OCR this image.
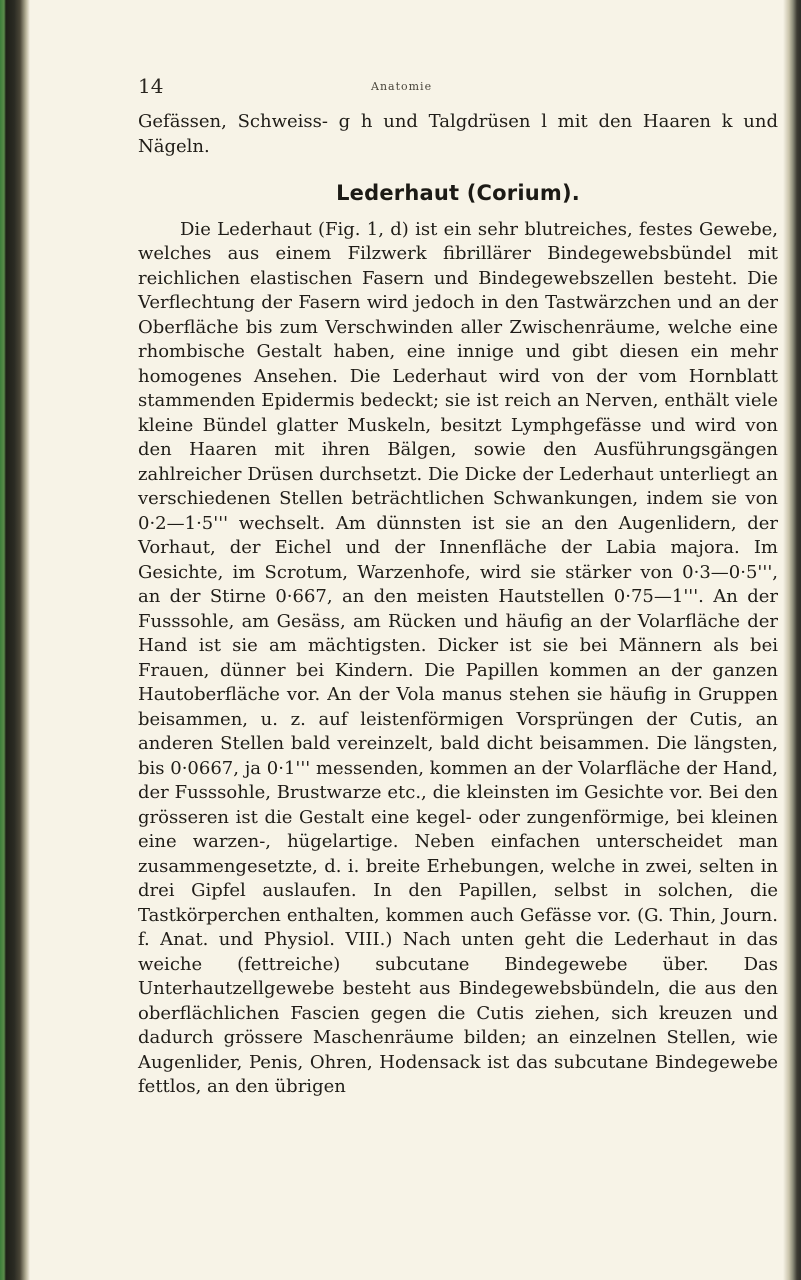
14	Anatomie

Gefässen, Schweiss- g h und Talgdrüsen l mit den Haaren k und Nägeln.

Lederhaut (Corium).

Die Lederhaut (Fig. 1, d) ist ein sehr blutreiches, festes Gewebe, welches aus einem Filzwerk fibrillärer Bindegewebsbündel mit reichlichen elastischen Fasern und Bindegewebszellen besteht. Die Verflechtung der Fasern wird jedoch in den Tastwärzchen und an der Oberfläche bis zum Verschwinden aller Zwischenräume, welche eine rhombische Gestalt haben, eine innige und gibt diesen ein mehr homogenes Ansehen. Die Lederhaut wird von der vom Hornblatt stammenden Epidermis bedeckt; sie ist reich an Nerven, enthält viele kleine Bündel glatter Muskeln, besitzt Lymphgefässe und wird von den Haaren mit ihren Bälgen, sowie den Ausführungsgängen zahlreicher Drüsen durchsetzt. Die Dicke der Lederhaut unterliegt an verschiedenen Stellen beträchtlichen Schwankungen, indem sie von 0·2—1·5''' wechselt. Am dünnsten ist sie an den Augenlidern, der Vorhaut, der Eichel und der Innenfläche der Labia majora. Im Gesichte, im Scrotum, Warzenhofe, wird sie stärker von 0·3—0·5''', an der Stirne 0·667, an den meisten Hautstellen 0·75—1'''. An der Fusssohle, am Gesäss, am Rücken und häufig an der Volarfläche der Hand ist sie am mächtigsten. Dicker ist sie bei Männern als bei Frauen, dünner bei Kindern. Die Papillen kommen an der ganzen Hautoberfläche vor. An der Vola manus stehen sie häufig in Gruppen beisammen, u. z. auf leistenförmigen Vorsprüngen der Cutis, an anderen Stellen bald vereinzelt, bald dicht beisammen. Die längsten, bis 0·0667, ja 0·1''' messenden, kommen an der Volarfläche der Hand, der Fusssohle, Brustwarze etc., die kleinsten im Gesichte vor. Bei den grösseren ist die Gestalt eine kegel- oder zungenförmige, bei kleinen eine warzen-, hügelartige. Neben einfachen unterscheidet man zusammengesetzte, d. i. breite Erhebungen, welche in zwei, selten in drei Gipfel auslaufen. In den Papillen, selbst in solchen, die Tastkörperchen enthalten, kommen auch Gefässe vor. (G. Thin, Journ. f. Anat. und Physiol. VIII.) Nach unten geht die Lederhaut in das weiche (fettreiche) subcutane Bindegewebe über. Das Unterhautzellgewebe besteht aus Bindegewebsbündeln, die aus den oberflächlichen Fascien gegen die Cutis ziehen, sich kreuzen und dadurch grössere Maschenräume bilden; an einzelnen Stellen, wie Augenlider, Penis, Ohren, Hodensack ist das subcutane Bindegewebe fettlos, an den übrigen
